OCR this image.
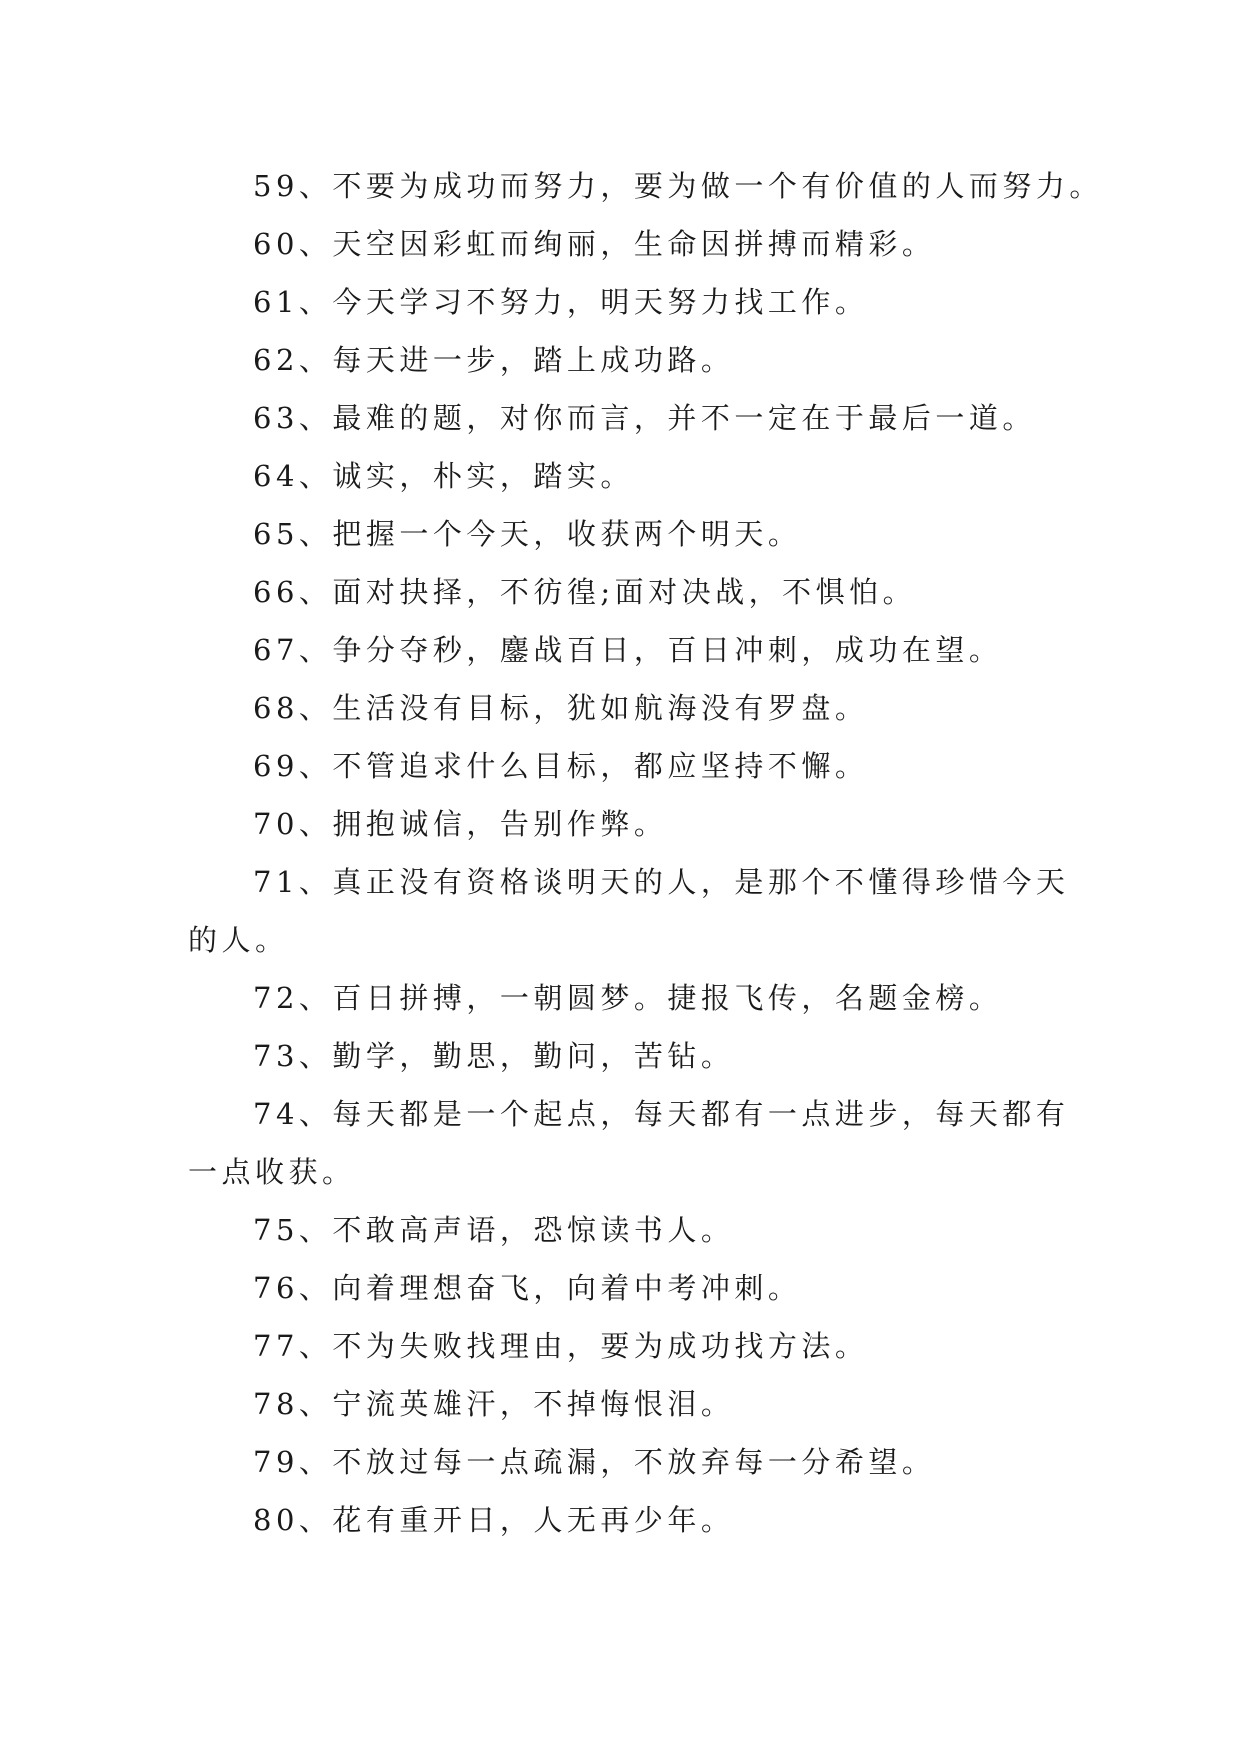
59、不要为成功而努力，要为做一个有价值的人而努力。
60、天空因彩虹而绚丽，生命因拼搏而精彩。
61、今天学习不努力，明天努力找工作。
62、每天进一步，踏上成功路。
63、最难的题，对你而言，并不一定在于最后一道。
64、诚实，朴实，踏实。
65、把握一个今天，收获两个明天。
66、面对抉择，不彷徨;面对决战，不惧怕。
67、争分夺秒，鏖战百日，百日冲刺，成功在望。
68、生活没有目标，犹如航海没有罗盘。
69、不管追求什么目标，都应坚持不懈。
70、拥抱诚信，告别作弊。
71、真正没有资格谈明天的人，是那个不懂得珍惜今天
的人。
72、百日拼搏，一朝圆梦。捷报飞传，名题金榜。
73、勤学，勤思，勤问，苦钻。
74、每天都是一个起点，每天都有一点进步，每天都有
一点收获。
75、不敢高声语，恐惊读书人。
76、向着理想奋飞，向着中考冲刺。
77、不为失败找理由，要为成功找方法。
78、宁流英雄汗，不掉悔恨泪。
79、不放过每一点疏漏，不放弃每一分希望。
80、花有重开日，人无再少年。
